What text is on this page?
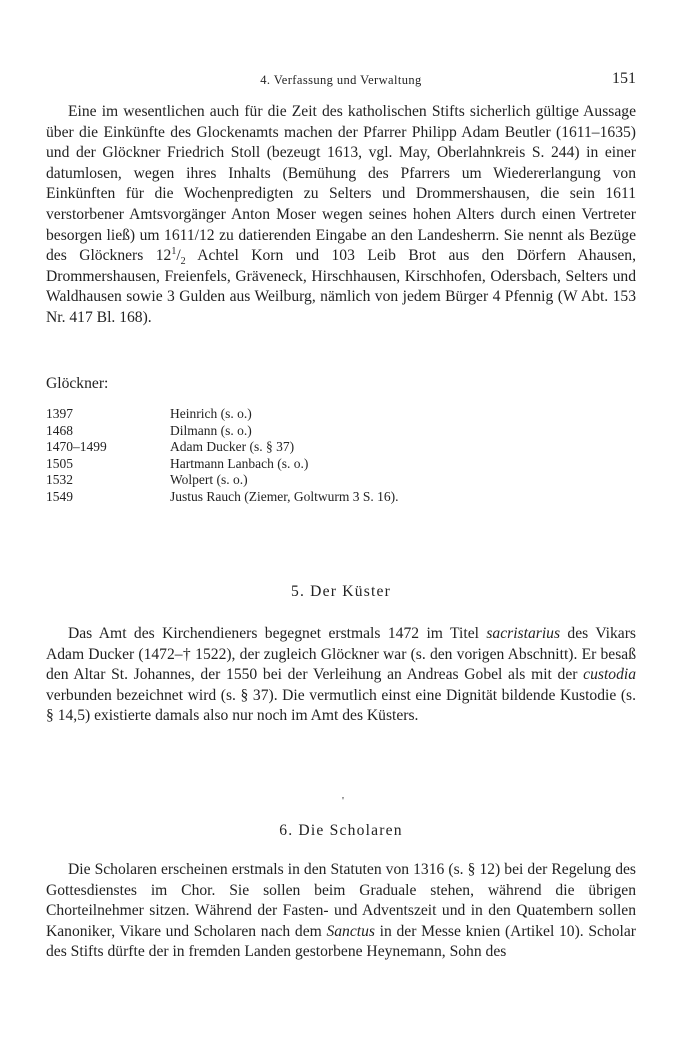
4. Verfassung und Verwaltung	151

Eine im wesentlichen auch für die Zeit des katholischen Stifts sicherlich gültige Aussage über die Einkünfte des Glockenamts machen der Pfarrer Philipp Adam Beutler (1611–1635) und der Glöckner Friedrich Stoll (bezeugt 1613, vgl. May, Oberlahnkreis S. 244) in einer datumlosen, wegen ihres Inhalts (Bemühung des Pfarrers um Wiedererlangung von Einkünften für die Wochenpredigten zu Selters und Drommershausen, die sein 1611 verstorbener Amtsvorgänger Anton Moser wegen seines hohen Alters durch einen Vertreter besorgen ließ) um 1611/12 zu datierenden Eingabe an den Landesherrn. Sie nennt als Bezüge des Glöckners $12^1/_2$ Achtel Korn und 103 Leib Brot aus den Dörfern Ahausen, Drommershausen, Freienfels, Gräveneck, Hirschhausen, Kirschhofen, Odersbach, Selters und Waldhausen sowie 3 Gulden aus Weilburg, nämlich von jedem Bürger 4 Pfennig (W Abt. 153 Nr. 417 Bl. 168).

Glöckner:
1397	Heinrich (s. o.)
1468	Dilmann (s. o.)
1470–1499	Adam Ducker (s. § 37)
1505	Hartmann Lanbach (s. o.)
1532	Wolpert (s. o.)
1549	Justus Rauch (Ziemer, Goltwurm 3 S. 16).
5. Der Küster

Das Amt des Kirchendieners begegnet erstmals 1472 im Titel sacristarius des Vikars Adam Ducker (1472–† 1522), der zugleich Glöckner war (s. den vorigen Abschnitt). Er besaß den Altar St. Johannes, der 1550 bei der Verleihung an Andreas Gobel als mit der custodia verbunden bezeichnet wird (s. § 37). Die vermutlich einst eine Dignität bildende Kustodie (s. § 14,5) existierte damals also nur noch im Amt des Küsters.

'
6. Die Scholaren

Die Scholaren erscheinen erstmals in den Statuten von 1316 (s. § 12) bei der Regelung des Gottesdienstes im Chor. Sie sollen beim Graduale stehen, während die übrigen Chorteilnehmer sitzen. Während der Fasten- und Adventszeit und in den Quatembern sollen Kanoniker, Vikare und Scholaren nach dem Sanctus in der Messe knien (Artikel 10). Scholar des Stifts dürfte der in fremden Landen gestorbene Heynemann, Sohn des
